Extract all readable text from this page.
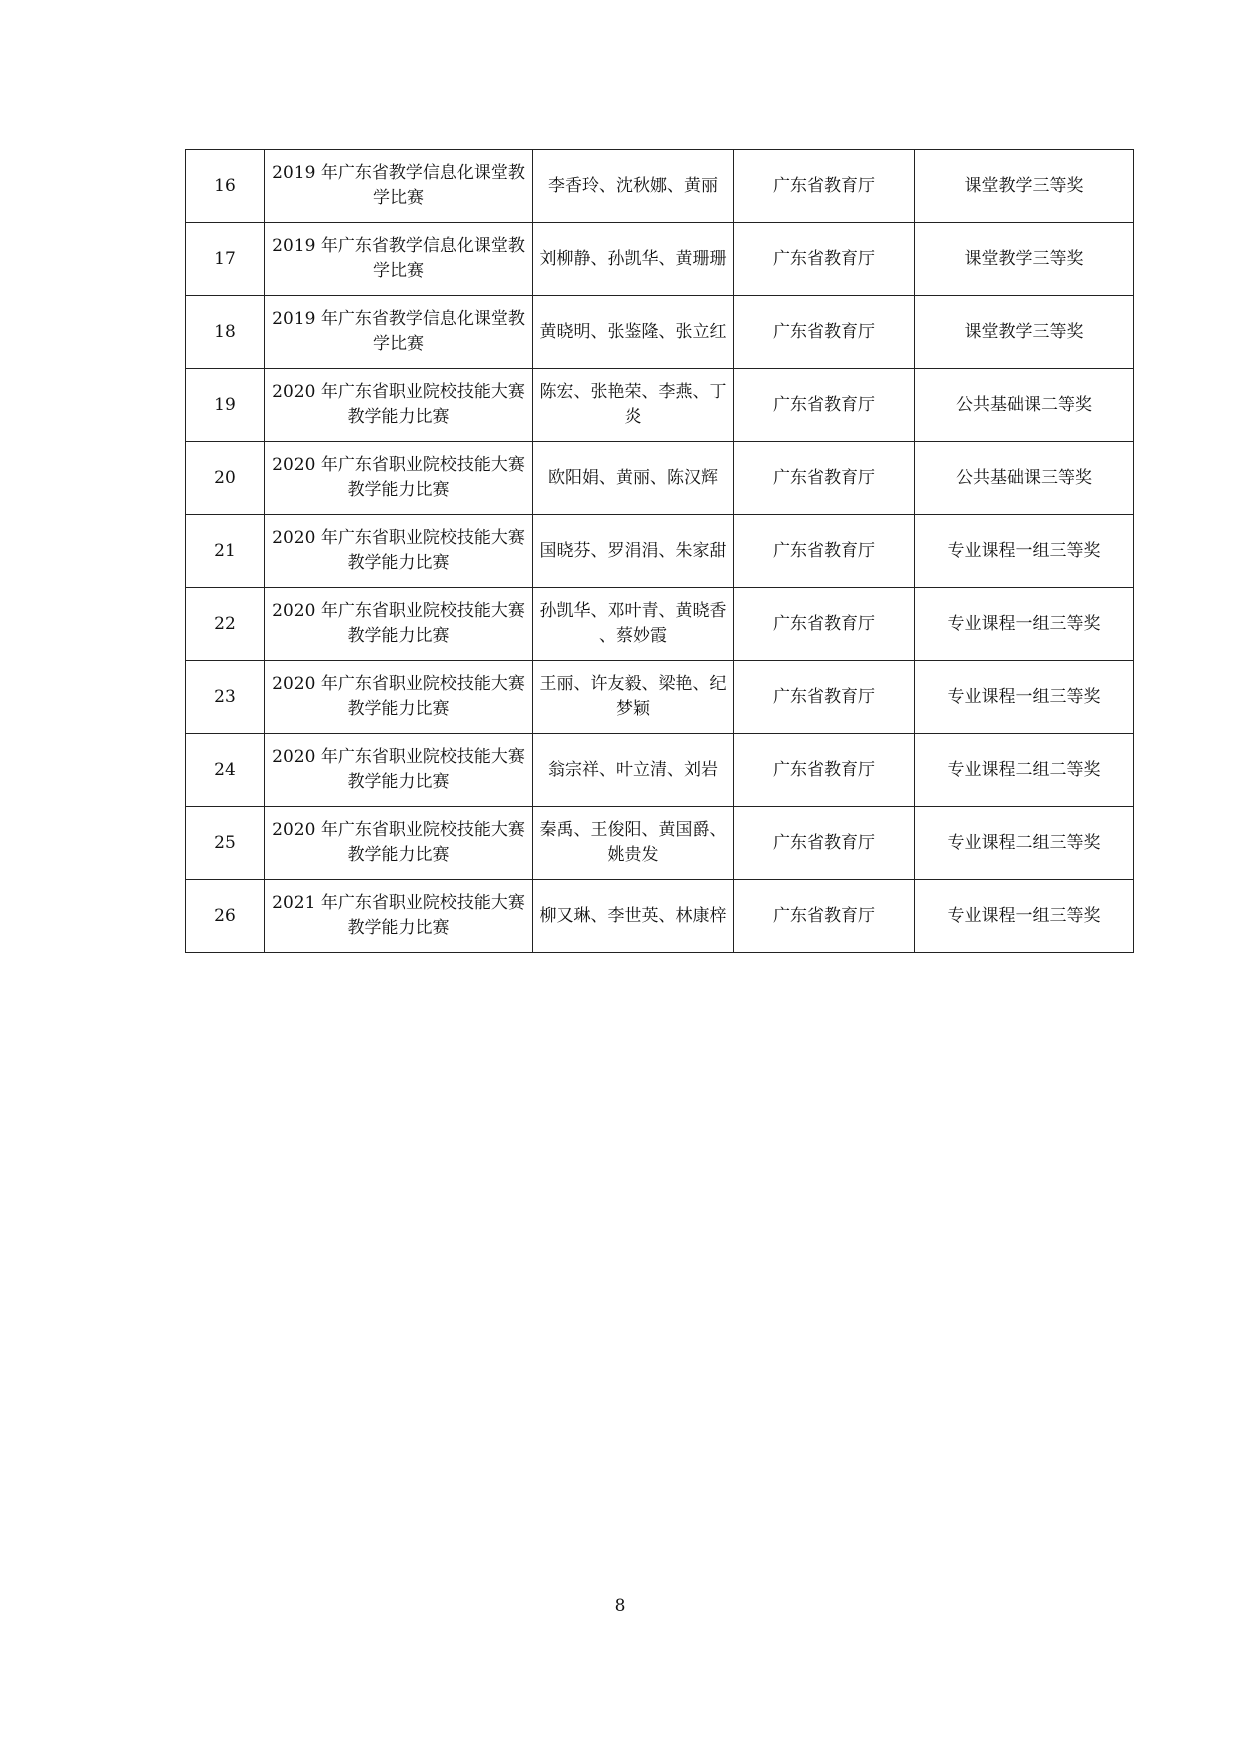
16	2019 年广东省教学信息化课堂教学比赛	李香玲、沈秋娜、黄丽	广东省教育厅	课堂教学三等奖
17	2019 年广东省教学信息化课堂教学比赛	刘柳静、孙凯华、黄珊珊	广东省教育厅	课堂教学三等奖
18	2019 年广东省教学信息化课堂教学比赛	黄晓明、张鉴隆、张立红	广东省教育厅	课堂教学三等奖
19	2020 年广东省职业院校技能大赛教学能力比赛	陈宏、张艳荣、李燕、丁炎	广东省教育厅	公共基础课二等奖
20	2020 年广东省职业院校技能大赛教学能力比赛	欧阳娟、黄丽、陈汉辉	广东省教育厅	公共基础课三等奖
21	2020 年广东省职业院校技能大赛教学能力比赛	国晓芬、罗涓涓、朱家甜	广东省教育厅	专业课程一组三等奖
22	2020 年广东省职业院校技能大赛教学能力比赛	孙凯华、邓叶青、黄晓香 、蔡妙霞	广东省教育厅	专业课程一组三等奖
23	2020 年广东省职业院校技能大赛教学能力比赛	王丽、许友毅、梁艳、纪梦颖	广东省教育厅	专业课程一组三等奖
24	2020 年广东省职业院校技能大赛教学能力比赛	翁宗祥、叶立清、刘岩	广东省教育厅	专业课程二组二等奖
25	2020 年广东省职业院校技能大赛教学能力比赛	秦禹、王俊阳、黄国爵、姚贵发	广东省教育厅	专业课程二组三等奖
26	2021 年广东省职业院校技能大赛教学能力比赛	柳又琳、李世英、林康梓	广东省教育厅	专业课程一组三等奖
8
